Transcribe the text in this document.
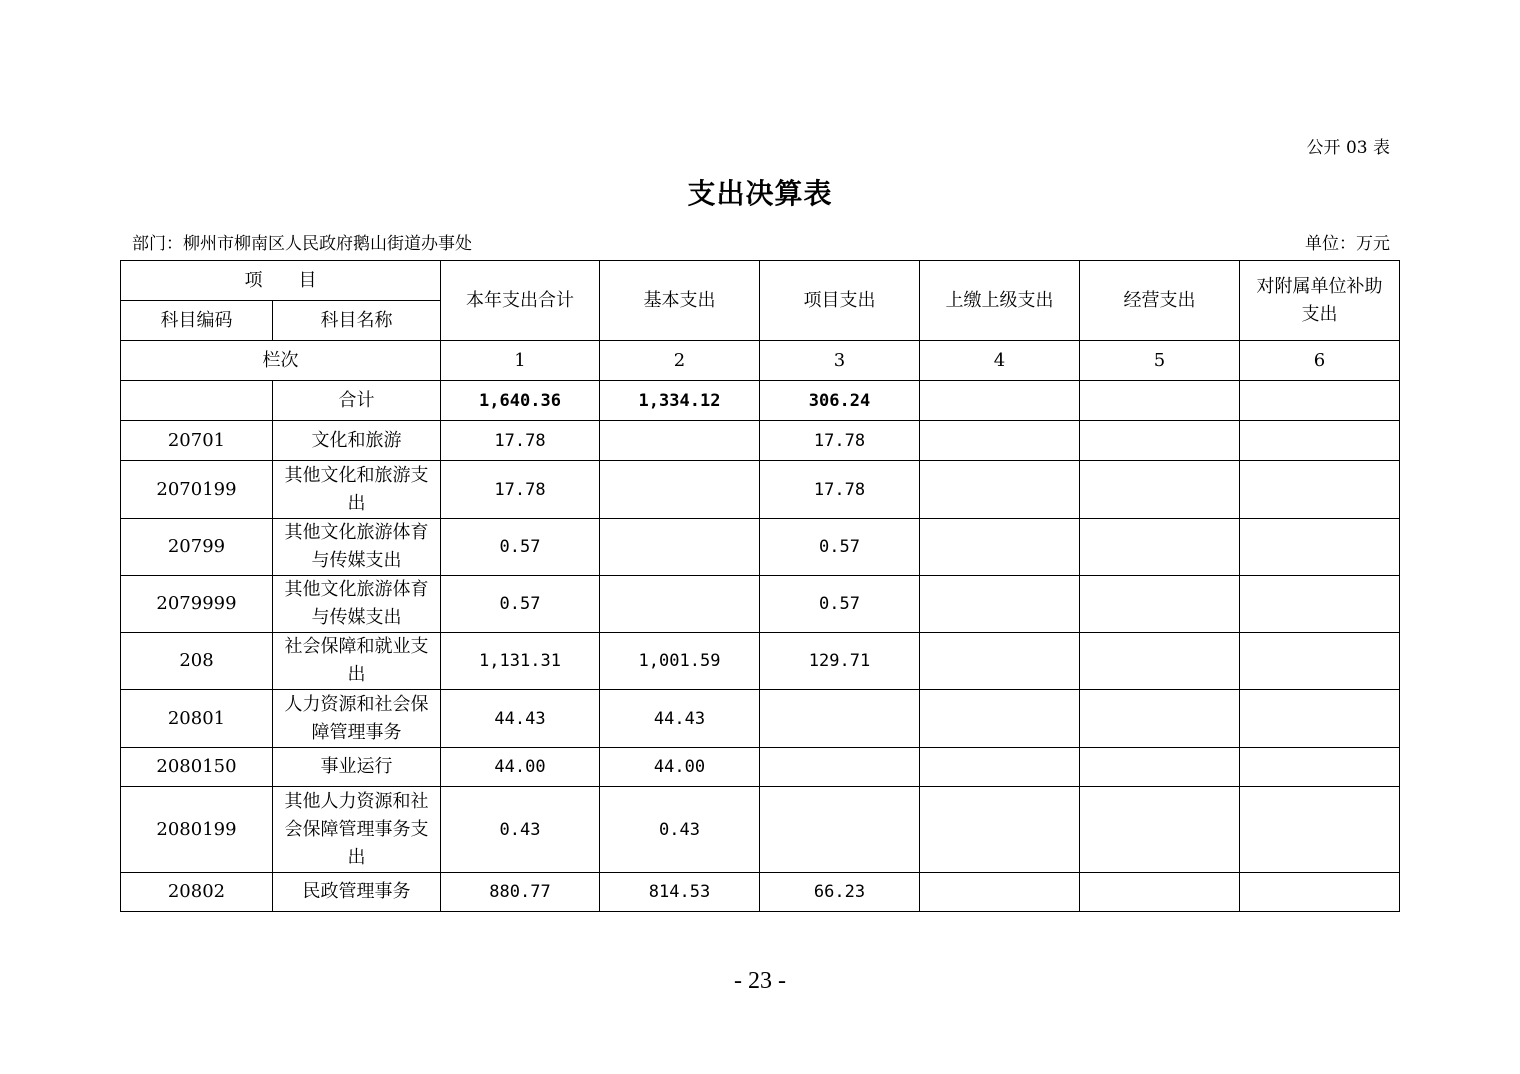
公开 03 表
支出决算表
部门：柳州市柳南区人民政府鹅山街道办事处	单位：万元
项　　目		本年支出合计	基本支出	项目支出	上缴上级支出	经营支出	对附属单位补助支出
科目编码	科目名称						
栏次		1	2	3	4	5	6
	合计	1,640.36	1,334.12	306.24			
20701	文化和旅游	17.78		17.78			
2070199	其他文化和旅游支出	17.78		17.78			
20799	其他文化旅游体育与传媒支出	0.57		0.57			
2079999	其他文化旅游体育与传媒支出	0.57		0.57			
208	社会保障和就业支出	1,131.31	1,001.59	129.71			
20801	人力资源和社会保障管理事务	44.43	44.43				
2080150	事业运行	44.00	44.00				
2080199	其他人力资源和社会保障管理事务支出	0.43	0.43				
20802	民政管理事务	880.77	814.53	66.23			
- 23 -
